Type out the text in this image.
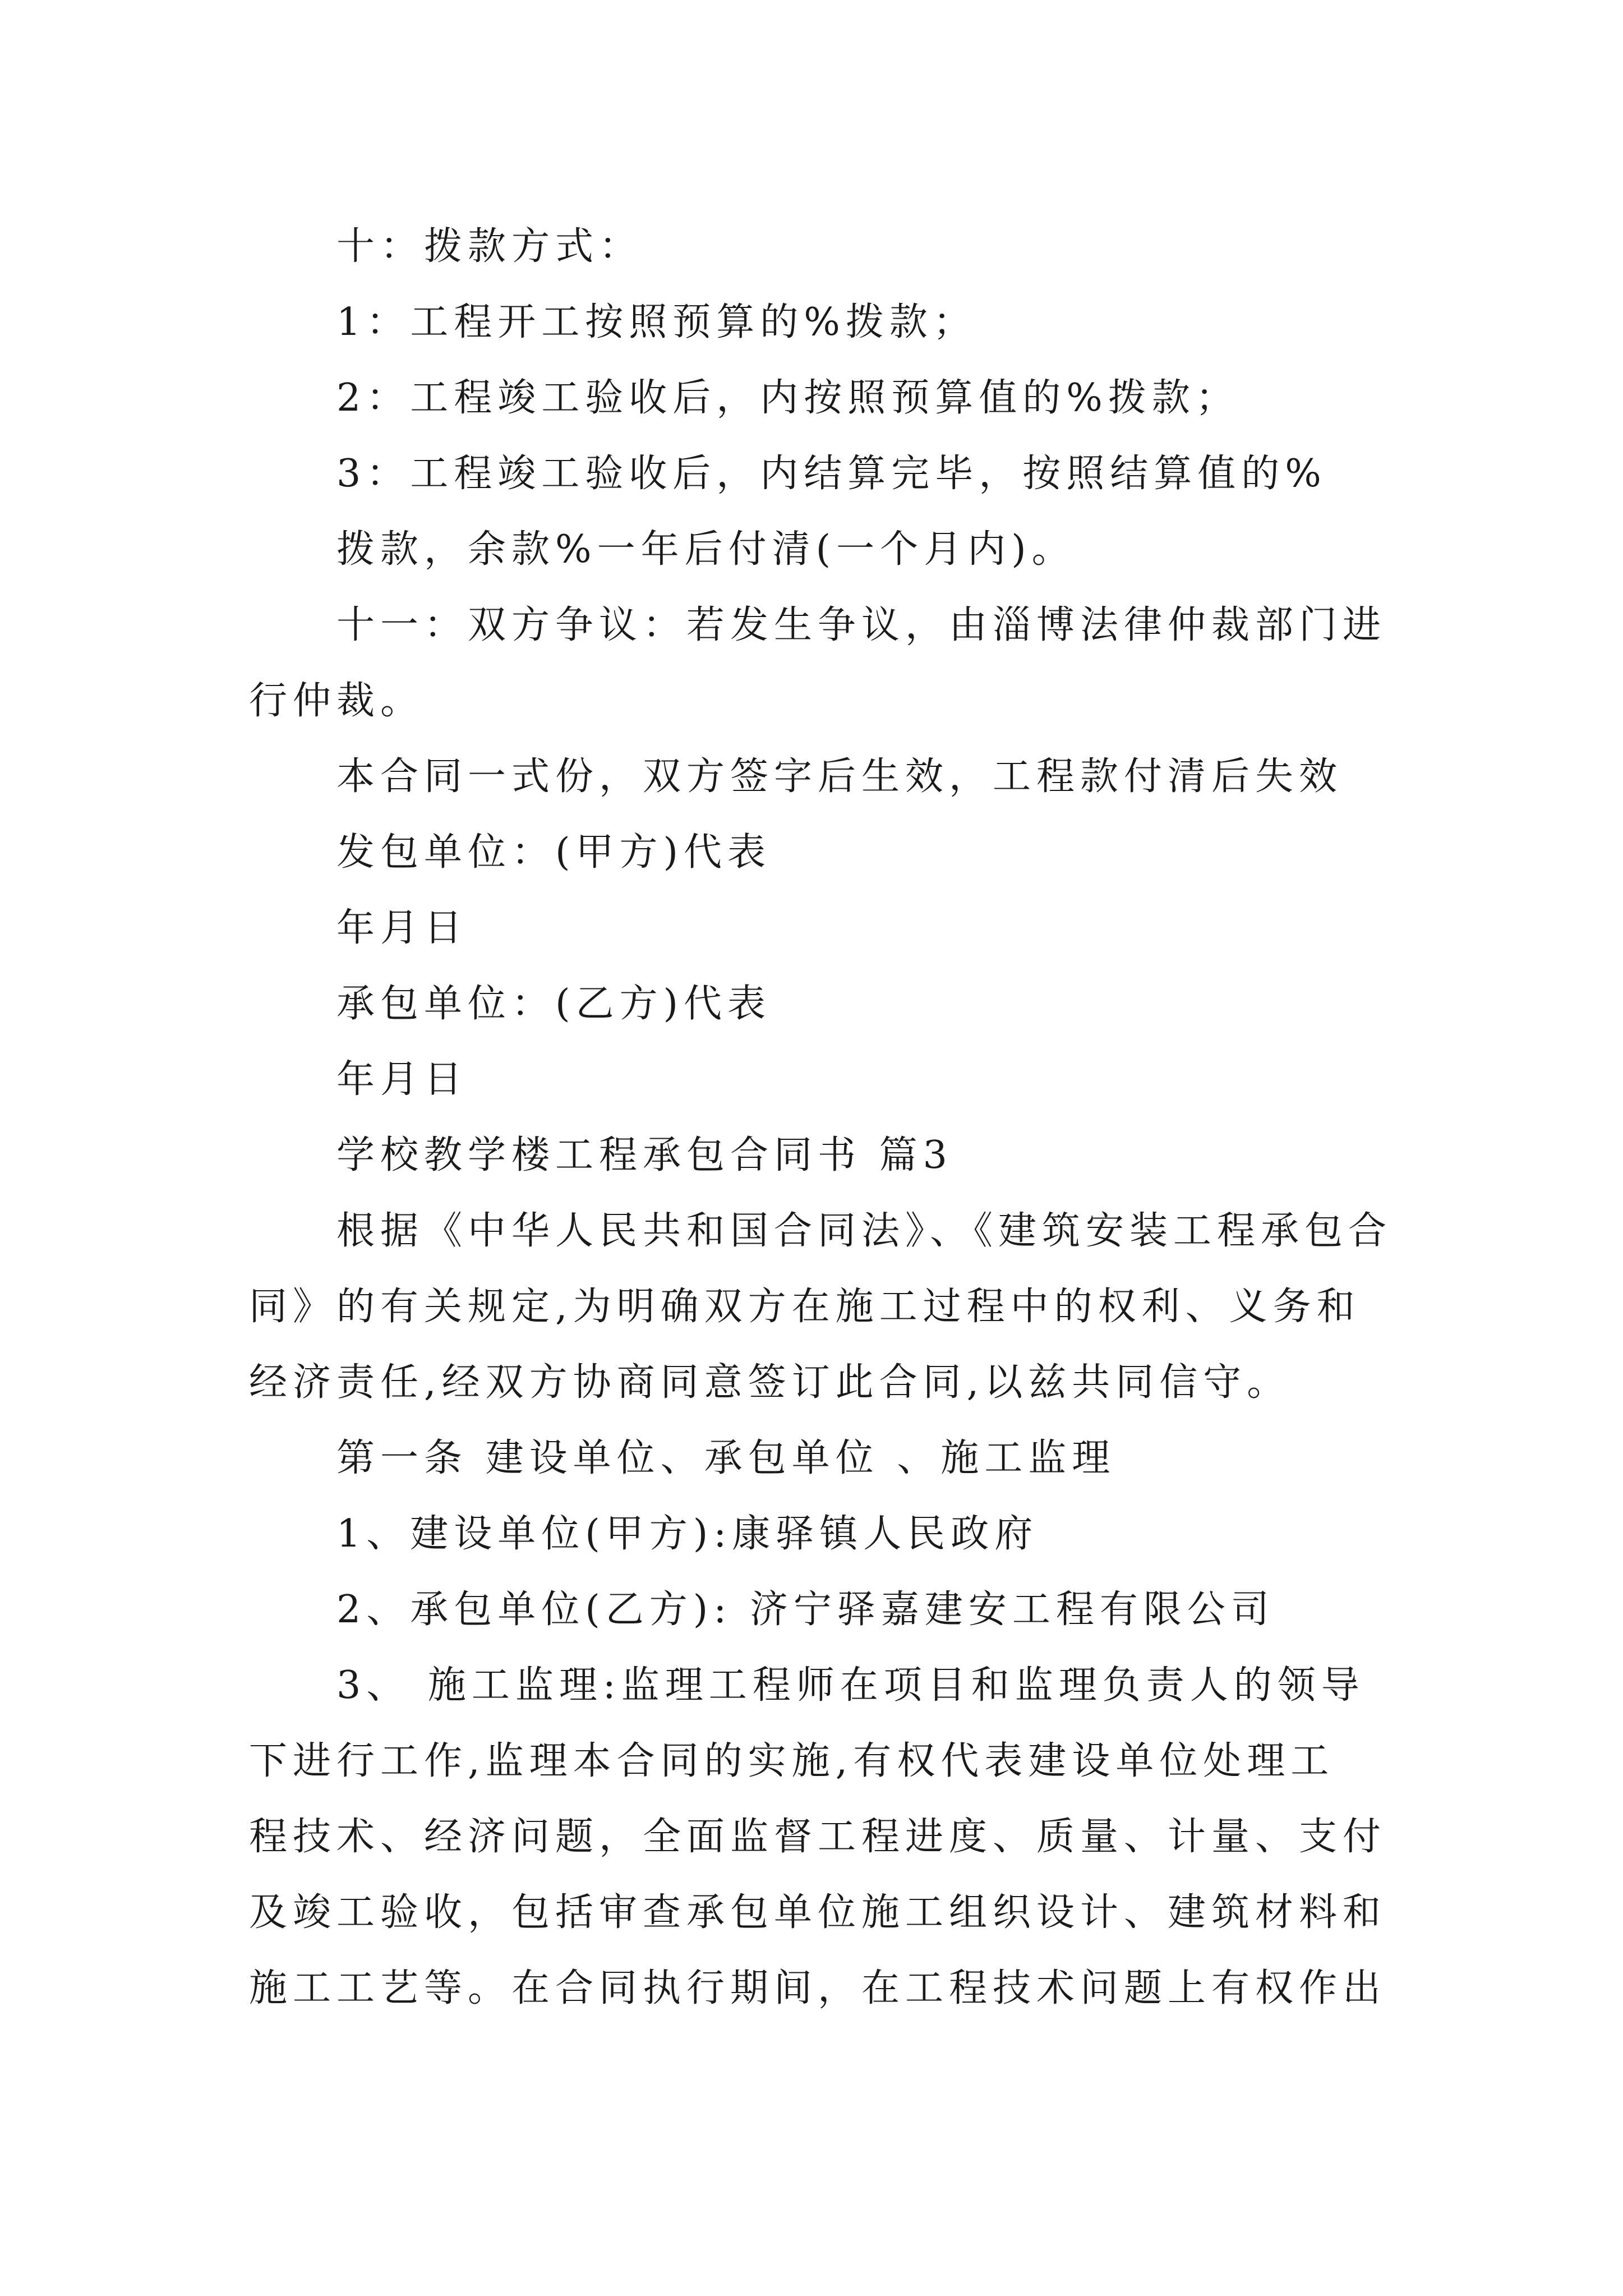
十：拨款方式：
1：工程开工按照预算的%拨款；
2：工程竣工验收后，内按照预算值的%拨款；
3：工程竣工验收后，内结算完毕，按照结算值的%
拨款，余款%一年后付清(一个月内)。
十一：双方争议：若发生争议，由淄博法律仲裁部门进
行仲裁。
本合同一式份，双方签字后生效，工程款付清后失效
发包单位：(甲方)代表
年月日
承包单位：(乙方)代表
年月日
学校教学楼工程承包合同书 篇3
根据《中华人民共和国合同法》、《建筑安装工程承包合
同》的有关规定,为明确双方在施工过程中的权利、义务和
经济责任,经双方协商同意签订此合同,以兹共同信守。
第一条 建设单位、承包单位 、施工监理
1、建设单位(甲方):康驿镇人民政府
2、承包单位(乙方): 济宁驿嘉建安工程有限公司
3、 施工监理:监理工程师在项目和监理负责人的领导
下进行工作,监理本合同的实施,有权代表建设单位处理工
程技术、经济问题，全面监督工程进度、质量、计量、支付
及竣工验收，包括审查承包单位施工组织设计、建筑材料和
施工工艺等。在合同执行期间，在工程技术问题上有权作出
